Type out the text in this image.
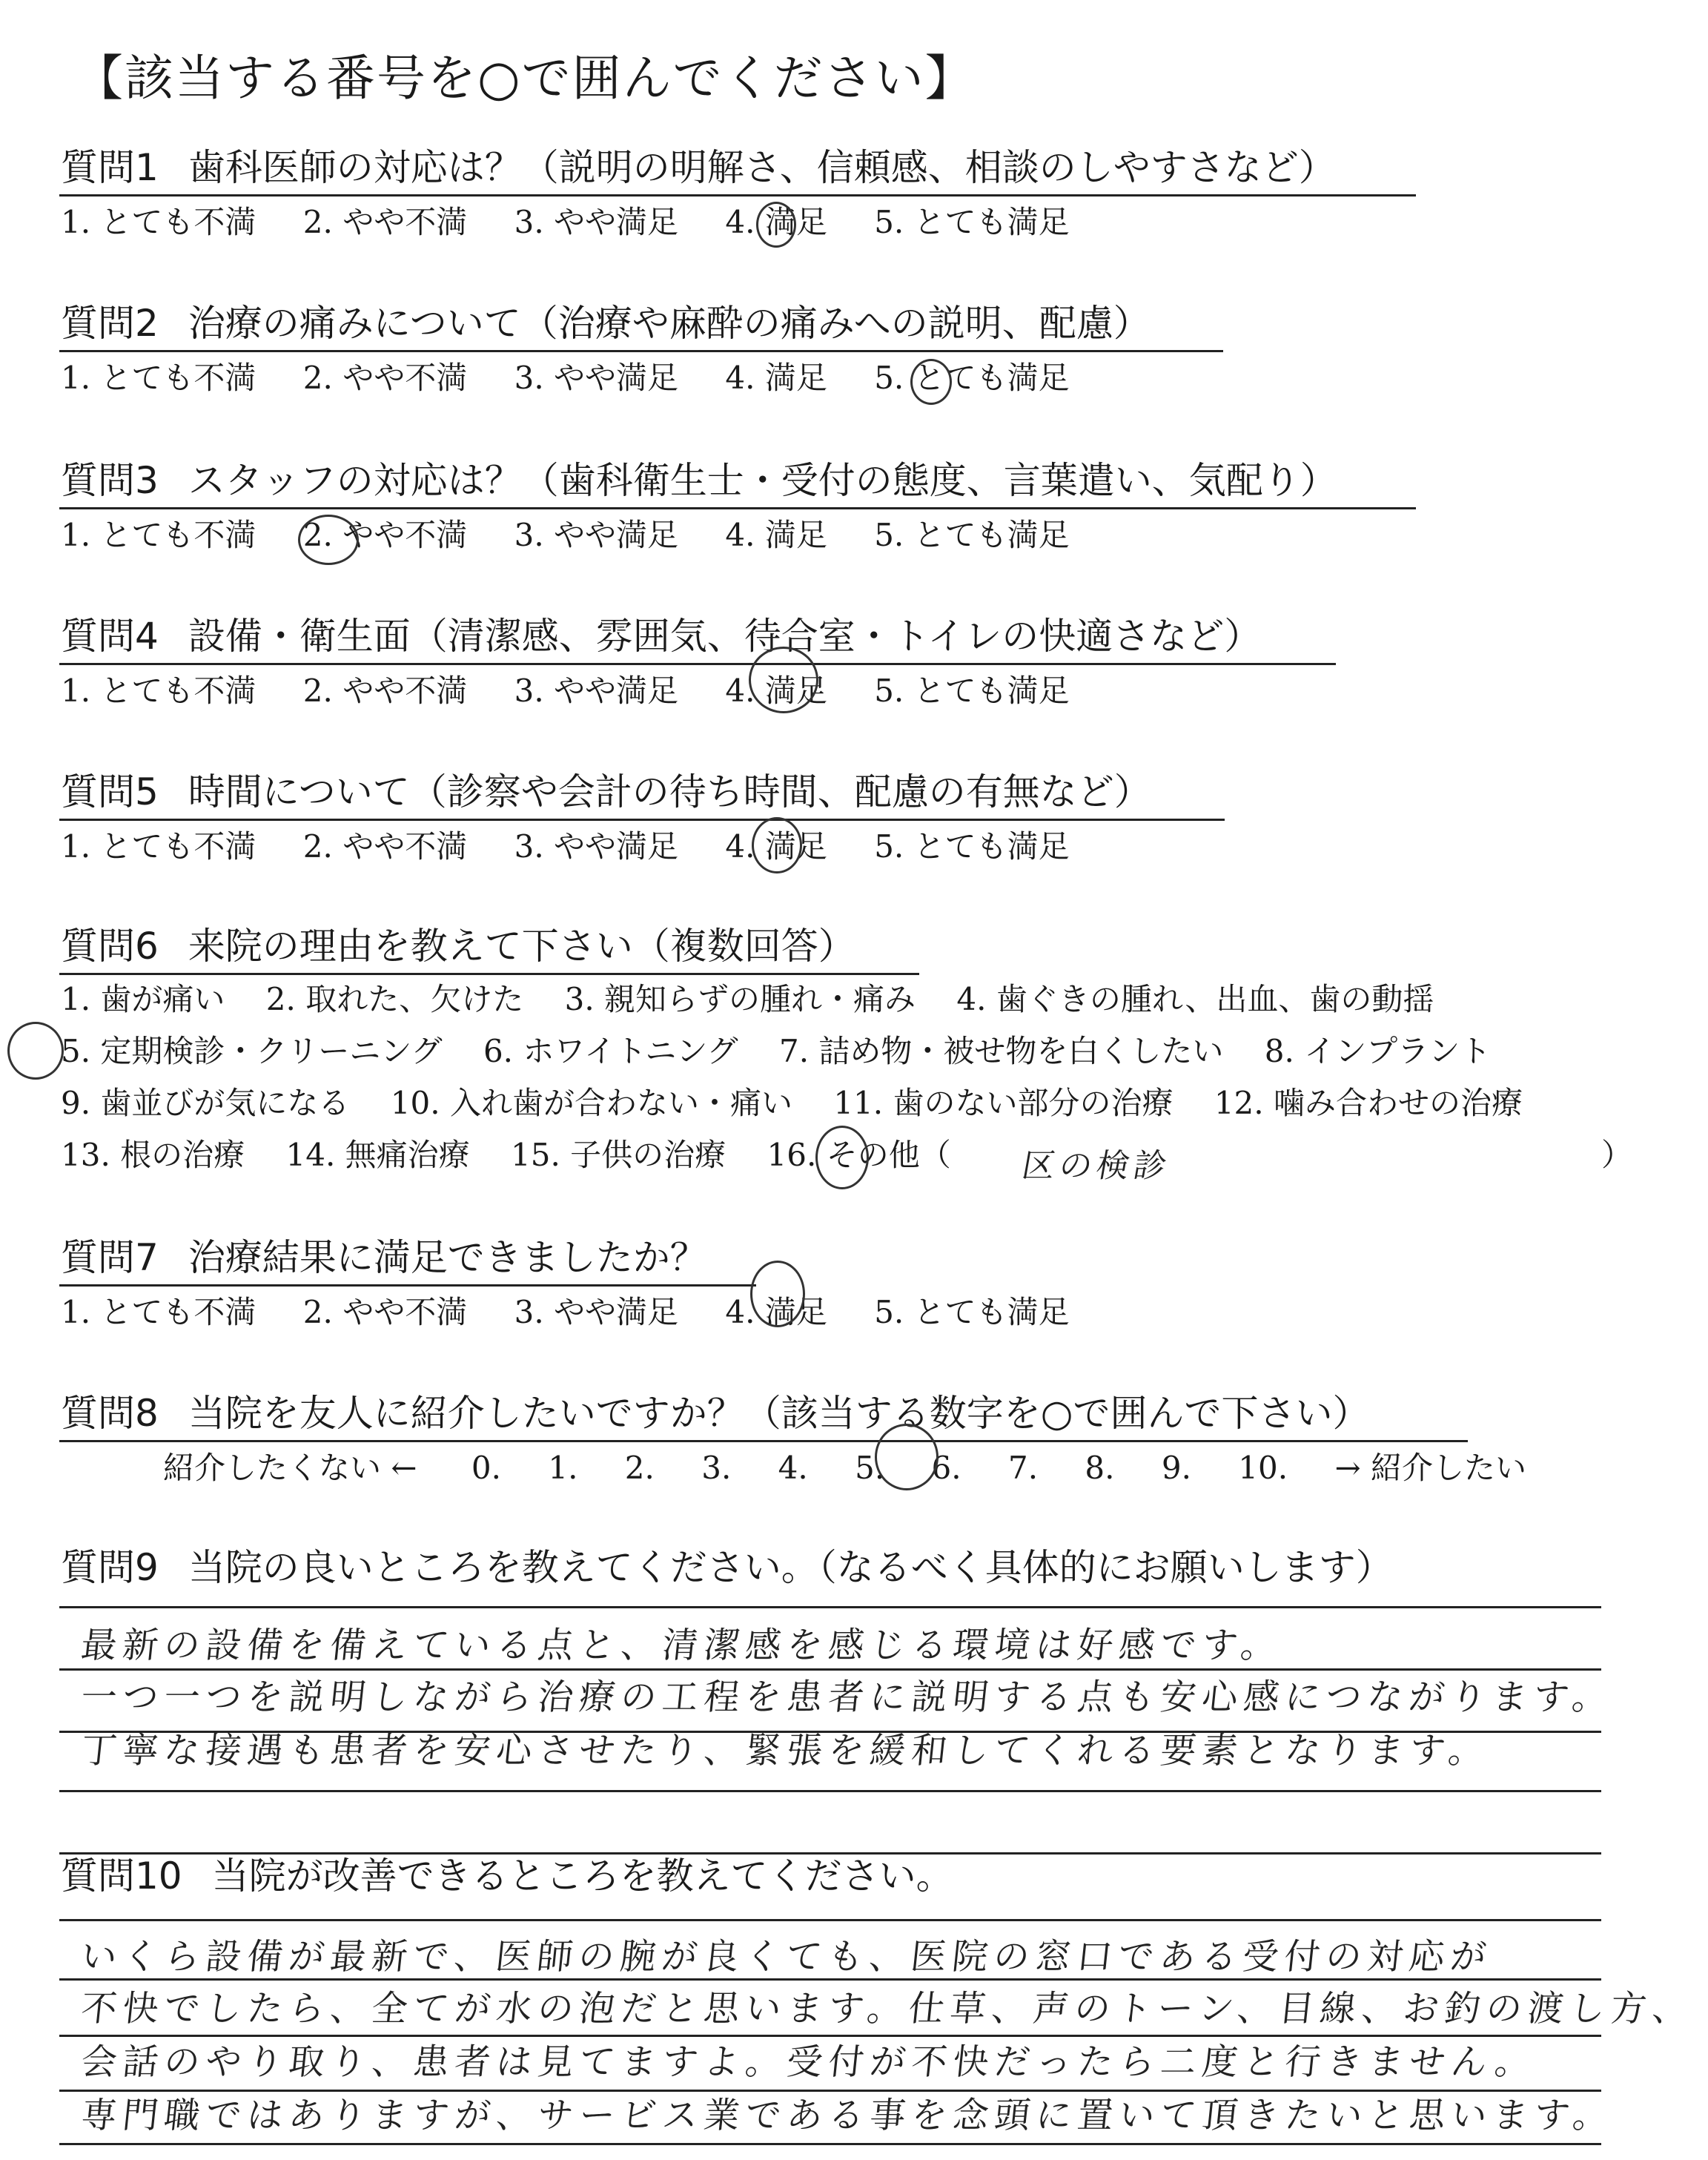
【該当する番号を○で囲んでください】
質問1 歯科医師の対応は？（説明の明解さ、信頼感、相談のしやすさなど）
1. とても不満 2. やや不満 3. やや満足 4. 満足 5. とても満足
質問2 治療の痛みについて（治療や麻酔の痛みへの説明、配慮）
1. とても不満 2. やや不満 3. やや満足 4. 満足 5. とても満足
質問3 スタッフの対応は？（歯科衛生士・受付の態度、言葉遣い、気配り）
1. とても不満 2. やや不満 3. やや満足 4. 満足 5. とても満足
質問4 設備・衛生面（清潔感、雰囲気、待合室・トイレの快適さなど）
1. とても不満 2. やや不満 3. やや満足 4. 満足 5. とても満足
質問5 時間について（診察や会計の待ち時間、配慮の有無など）
1. とても不満 2. やや不満 3. やや満足 4. 満足 5. とても満足
質問6 来院の理由を教えて下さい（複数回答）
1. 歯が痛い 2. 取れた、欠けた 3. 親知らずの腫れ・痛み 4. 歯ぐきの腫れ、出血、歯の動揺
5. 定期検診・クリーニング 6. ホワイトニング 7. 詰め物・被せ物を白くしたい 8. インプラント
9. 歯並びが気になる 10. 入れ歯が合わない・痛い 11. 歯のない部分の治療 12. 噛み合わせの治療
13. 根の治療 14. 無痛治療 15. 子供の治療 16. その他（	区の検診	）
質問7 治療結果に満足できましたか？
1. とても不満 2. やや不満 3. やや満足 4. 満足 5. とても満足
質問8 当院を友人に紹介したいですか？（該当する数字を○で囲んで下さい）
紹介したくない ← 0. 1. 2. 3. 4. 5. 6. 7. 8. 9. 10. → 紹介したい
質問9 当院の良いところを教えてください。（なるべく具体的にお願いします）
最新の設備を備えている点と、清潔感を感じる環境は好感です。
一つ一つを説明しながら治療の工程を患者に説明する点も安心感につながります。
丁寧な接遇も患者を安心させたり、緊張を緩和してくれる要素となります。
質問10 当院が改善できるところを教えてください。
いくら設備が最新で、医師の腕が良くても、医院の窓口である受付の対応が
不快でしたら、全てが水の泡だと思います。仕草、声のトーン、目線、お釣の渡し方、
会話のやり取り、患者は見てますよ。受付が不快だったら二度と行きません。
専門職ではありますが、サービス業である事を念頭に置いて頂きたいと思います。
